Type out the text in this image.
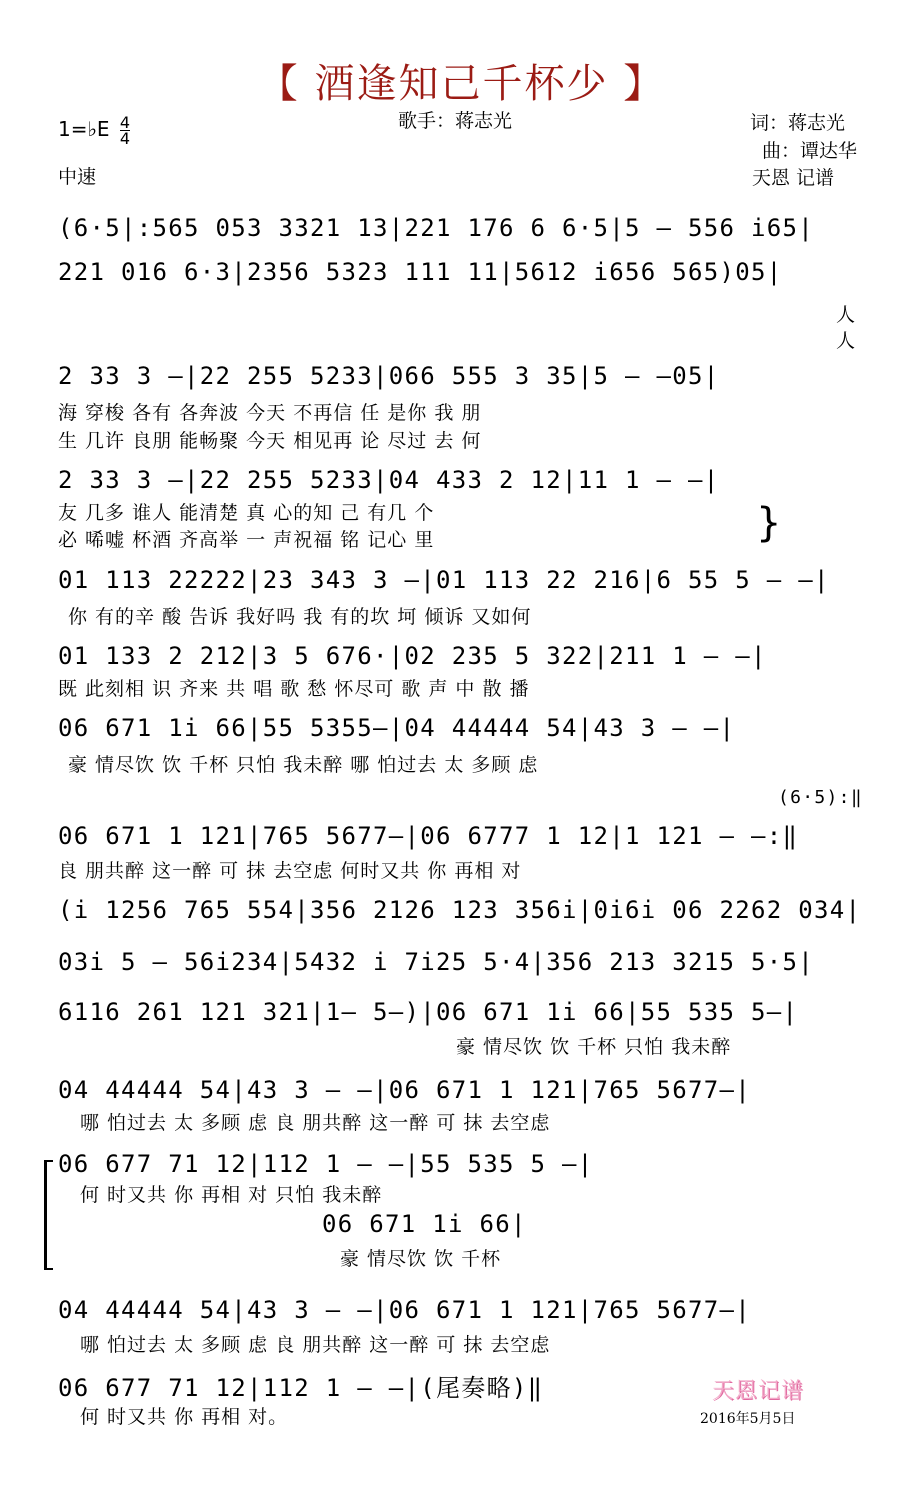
【 酒逢知己千杯少 】
1=♭E $\frac{4}{4}$
中速
歌手：蒋志光	词：蒋志光
曲：谭达华
天恩 记谱
(6·5|:565 053 3321 13|221 176 6 6·5|5 – 556 i65|
221 016 6·3|2356 5323 111 11|5612 i656 565)05|
人
人
2 33 3 –|22 255 5233|066 555 3 35|5 – –05|
海 穿梭 各有 各奔波 今天 不再信 任 是你 我 朋
生 几许 良朋 能畅聚 今天 相见再 论 尽过 去 何
2 33 3 –|22 255 5233|04 433 2 12|11 1 – –|
友 几多 谁人 能清楚 真 心的知 己 有几 个
必 唏嘘 杯酒 齐高举 一 声祝福 铭 记心 里	}
01 113 22222|23 343 3 –|01 113 22 216|6 55 5 – –|
你 有的辛 酸 告诉 我好吗 我 有的坎 坷 倾诉 又如何
01 133 2 212|3 5 676·|02 235 5 322|211 1 – –|
既 此刻相 识 齐来 共 唱 歌 愁 怀尽可 歌 声 中 散 播
06 671 1i 66|55 5355–|04 44444 54|43 3 – –|
豪 情尽饮 饮 千杯 只怕 我未醉 哪 怕过去 太 多顾 虑
(6·5):‖
06 671 1 121|765 5677–|06 6777 1 12|1 121 – –:‖
良 朋共醉 这一醉 可 抹 去空虑 何时又共 你 再相 对
(i 1256 765 554|356 2126 123 356i|0i6i 06 2262 034|
03i 5 – 56i234|5432 i 7i25 5·4|356 213 3215 5·5|
6116 261 121 321|1– 5–)|06 671 1i 66|55 535 5–|
豪 情尽饮 饮 千杯 只怕 我未醉
04 44444 54|43 3 – –|06 671 1 121|765 5677–|
哪 怕过去 太 多顾 虑 良 朋共醉 这一醉 可 抹 去空虑
06 677 71 12|112 1 – –|55 535 5 –|
何 时又共 你 再相 对 只怕 我未醉
06 671 1i 66|
豪 情尽饮 饮 千杯
04 44444 54|43 3 – –|06 671 1 121|765 5677–|
哪 怕过去 太 多顾 虑 良 朋共醉 这一醉 可 抹 去空虑
06 677 71 12|112 1 – –|(尾奏略)‖
何 时又共 你 再相 对。
天恩记谱
2016年5月5日
